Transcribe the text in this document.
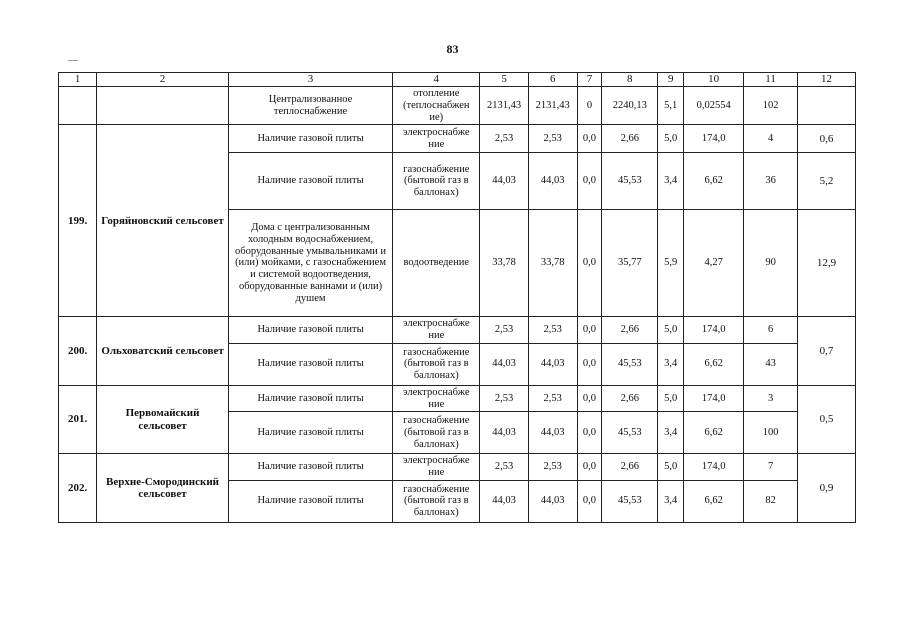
83
1	2	3	4	5	6	7	8	9	10	11	12
		Централизованное теплоснабжение	отопление (теплоснабжен ие)	2131,43	2131,43	0	2240,13	5,1	0,02554	102	
199.	Горяйновский сельсовет	Наличие газовой плиты	электроснабже ние	2,53	2,53	0,0	2,66	5,0	174,0	4	0,6
		Наличие газовой плиты	газоснабжение (бытовой газ в баллонах)	44,03	44,03	0,0	45,53	3,4	6,62	36	5,2
		Дома с централизованным холодным водоснабжением, оборудованные умывальниками и (или) мойками, с газоснабжением и системой водоотведения, оборудованные ваннами и (или) душем	водоотведение	33,78	33,78	0,0	35,77	5,9	4,27	90	12,9
200.	Ольховатский сельсовет	Наличие газовой плиты	электроснабже ние	2,53	2,53	0,0	2,66	5,0	174,0	6	0,7
		Наличие газовой плиты	газоснабжение (бытовой газ в баллонах)	44,03	44,03	0,0	45,53	3,4	6,62	43	
201.	Первомайский сельсовет	Наличие газовой плиты	электроснабже ние	2,53	2,53	0,0	2,66	5,0	174,0	3	0,5
		Наличие газовой плиты	газоснабжение (бытовой газ в баллонах)	44,03	44,03	0,0	45,53	3,4	6,62	100	
202.	Верхне-Смородинский сельсовет	Наличие газовой плиты	электроснабже ние	2,53	2,53	0,0	2,66	5,0	174,0	7	0,9
		Наличие газовой плиты	газоснабжение (бытовой газ в баллонах)	44,03	44,03	0,0	45,53	3,4	6,62	82	
